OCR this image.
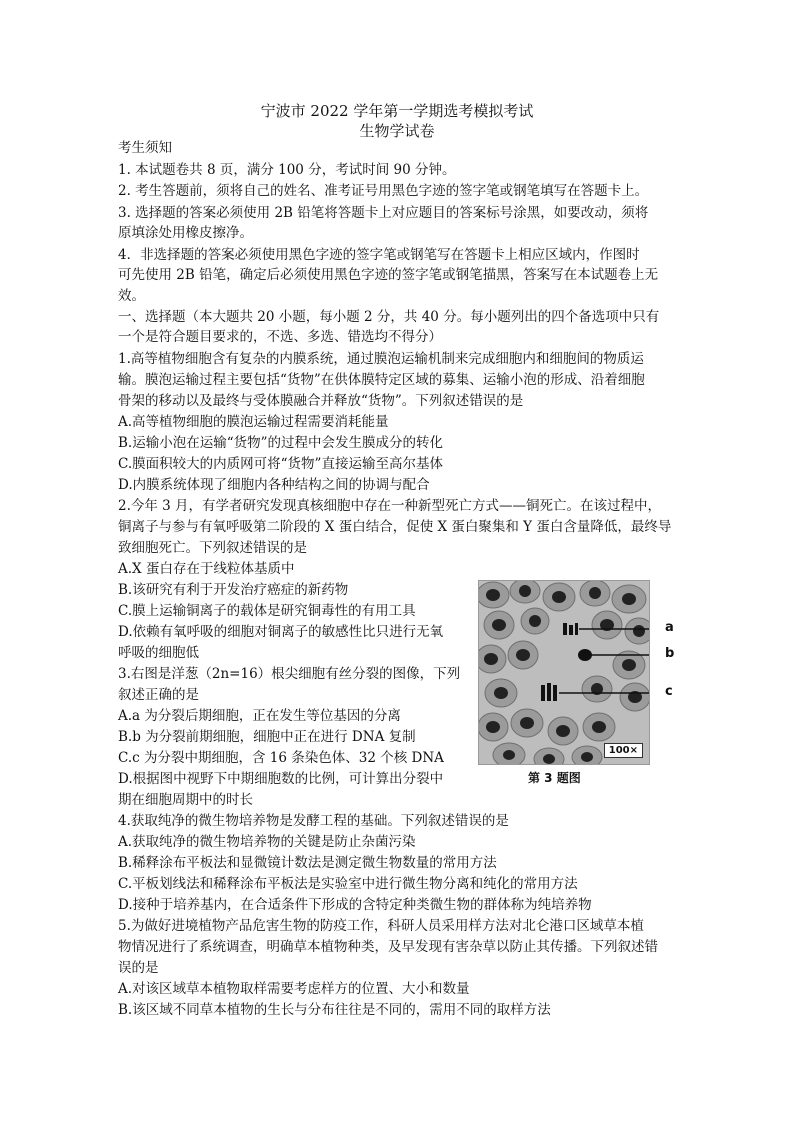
宁波市 2022 学年第一学期选考模拟考试
生物学试卷
考生须知
1. 本试题卷共 8 页，满分 100 分，考试时间 90 分钟。
2. 考生答题前，须将自己的姓名、准考证号用黑色字迹的签字笔或钢笔填写在答题卡上。
3. 选择题的答案必须使用 2B 铅笔将答题卡上对应题目的答案标号涂黑，如要改动，须将
原填涂处用橡皮擦净。
4．非选择题的答案必须使用黑色字迹的签字笔或钢笔写在答题卡上相应区域内，作图时
可先使用 2B 铅笔，确定后必须使用黑色字迹的签字笔或钢笔描黑，答案写在本试题卷上无
效。
一、选择题（本大题共 20 小题，每小题 2 分，共 40 分。每小题列出的四个备选项中只有
一个是符合题目要求的，不选、多选、错选均不得分）
1.高等植物细胞含有复杂的内膜系统，通过膜泡运输机制来完成细胞内和细胞间的物质运
输。膜泡运输过程主要包括“货物”在供体膜特定区域的募集、运输小泡的形成、沿着细胞
骨架的移动以及最终与受体膜融合并释放“货物”。下列叙述错误的是
A.高等植物细胞的膜泡运输过程需要消耗能量
B.运输小泡在运输“货物”的过程中会发生膜成分的转化
C.膜面积较大的内质网可将“货物”直接运输至高尔基体
D.内膜系统体现了细胞内各种结构之间的协调与配合
2.今年 3 月，有学者研究发现真核细胞中存在一种新型死亡方式——铜死亡。在该过程中，
铜离子与参与有氧呼吸第二阶段的 X 蛋白结合，促使 X 蛋白聚集和 Y 蛋白含量降低，最终导
致细胞死亡。下列叙述错误的是
A.X 蛋白存在于线粒体基质中
B.该研究有利于开发治疗癌症的新药物
C.膜上运输铜离子的载体是研究铜毒性的有用工具
D.依赖有氧呼吸的细胞对铜离子的敏感性比只进行无氧
呼吸的细胞低
3.右图是洋葱（2n=16）根尖细胞有丝分裂的图像，下列
叙述正确的是
A.a 为分裂后期细胞，正在发生等位基因的分离
B.b 为分裂前期细胞，细胞中正在进行 DNA 复制
C.c 为分裂中期细胞，含 16 条染色体、32 个核 DNA
D.根据图中视野下中期细胞数的比例，可计算出分裂中
期在细胞周期中的时长
100×
a
b
c
第 3 题图
4.获取纯净的微生物培养物是发酵工程的基础。下列叙述错误的是
A.获取纯净的微生物培养物的关键是防止杂菌污染
B.稀释涂布平板法和显微镜计数法是测定微生物数量的常用方法
C.平板划线法和稀释涂布平板法是实验室中进行微生物分离和纯化的常用方法
D.接种于培养基内，在合适条件下形成的含特定种类微生物的群体称为纯培养物
5.为做好进境植物产品危害生物的防疫工作，科研人员采用样方法对北仑港口区域草本植
物情况进行了系统调查，明确草本植物种类，及早发现有害杂草以防止其传播。下列叙述错
误的是
A.对该区域草本植物取样需要考虑样方的位置、大小和数量
B.该区域不同草本植物的生长与分布往往是不同的，需用不同的取样方法
